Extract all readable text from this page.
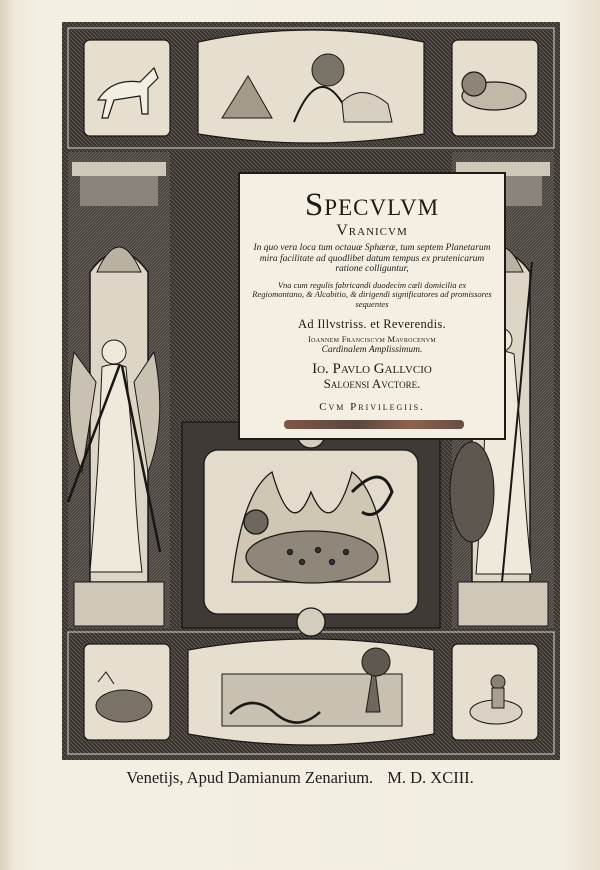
Specvlvm
Vranicvm
In quo vera loca tum octauæ Sphæræ, tum septem Planetarum mira facilitate ad quodlibet datum tempus ex prutenicarum ratione colliguntur,
Vna cum regulis fabricandi duodecim cæli domicilia ex Regiomontano, & Alcabitio, & dirigendi significatores ad promissores sequentes
Ad Illvstriss. et Reverendis.
Ioannem Franciscvm Mavrocenvm
Cardinalem Amplissimum.
Io. Pavlo Gallvcio
Saloensi Avctore.
Cvm Privilegiis.
Venetijs, Apud Damianum Zenarium. M. D. XCIII.
